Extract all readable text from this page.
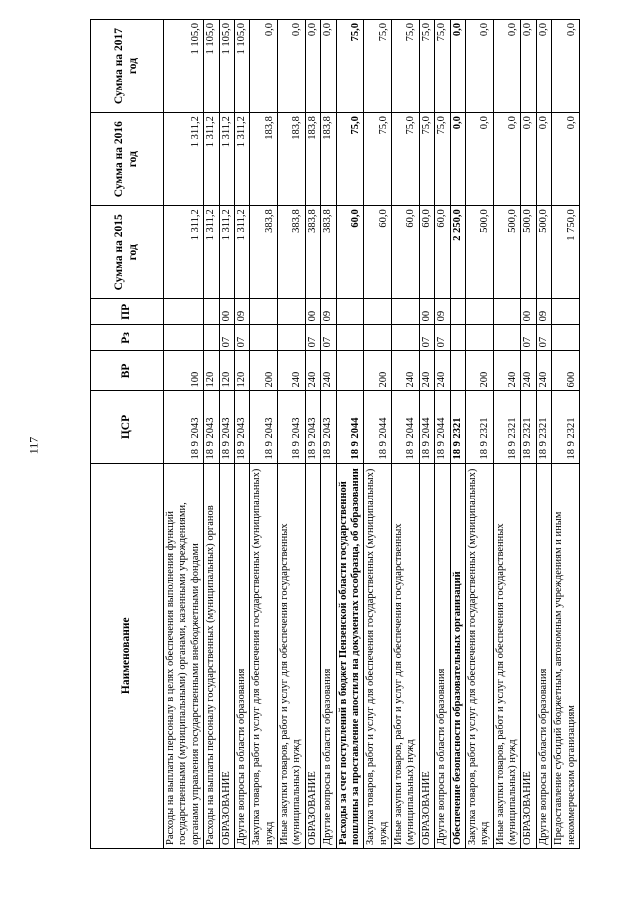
117
Наименование	ЦСР	ВР	Рз	ПР	Сумма на 2015 год	Сумма на 2016 год	Сумма на 2017 год
Расходы на выплаты персоналу в целях обеспечения выполнения функций государственными (муниципальными) органами, казенными учреждениями, органами управления государственными внебюджетными фондами	18 9 2043	100			1 311,2	1 311,2	1 105,0
Расходы на выплаты персоналу государственных (муниципальных) органов	18 9 2043	120			1 311,2	1 311,2	1 105,0
ОБРАЗОВАНИЕ	18 9 2043	120	07	00	1 311,2	1 311,2	1 105,0
Другие вопросы в области образования	18 9 2043	120	07	09	1 311,2	1 311,2	1 105,0
Закупка товаров, работ и услуг для обеспечения государственных (муниципальных) нужд	18 9 2043	200			383,8	183,8	0,0
Иные закупки товаров, работ и услуг для обеспечения государственных (муниципальных) нужд	18 9 2043	240			383,8	183,8	0,0
ОБРАЗОВАНИЕ	18 9 2043	240	07	00	383,8	183,8	0,0
Другие вопросы в области образования	18 9 2043	240	07	09	383,8	183,8	0,0
Расходы за счет поступлений в бюджет Пензенской области государственной пошлины за проставление апостиля на документах гособразца, об образовании	18 9 2044				60,0	75,0	75,0
Закупка товаров, работ и услуг для обеспечения государственных (муниципальных) нужд	18 9 2044	200			60,0	75,0	75,0
Иные закупки товаров, работ и услуг для обеспечения государственных (муниципальных) нужд	18 9 2044	240			60,0	75,0	75,0
ОБРАЗОВАНИЕ	18 9 2044	240	07	00	60,0	75,0	75,0
Другие вопросы в области образования	18 9 2044	240	07	09	60,0	75,0	75,0
Обеспечение безопасности образовательных организаций	18 9 2321				2 250,0	0,0	0,0
Закупка товаров, работ и услуг для обеспечения государственных (муниципальных) нужд	18 9 2321	200			500,0	0,0	0,0
Иные закупки товаров, работ и услуг для обеспечения государственных (муниципальных) нужд	18 9 2321	240			500,0	0,0	0,0
ОБРАЗОВАНИЕ	18 9 2321	240	07	00	500,0	0,0	0,0
Другие вопросы в области образования	18 9 2321	240	07	09	500,0	0,0	0,0
Предоставление субсидий бюджетным, автономным учреждениям и иным некоммерческим организациям	18 9 2321	600			1 750,0	0,0	0,0
